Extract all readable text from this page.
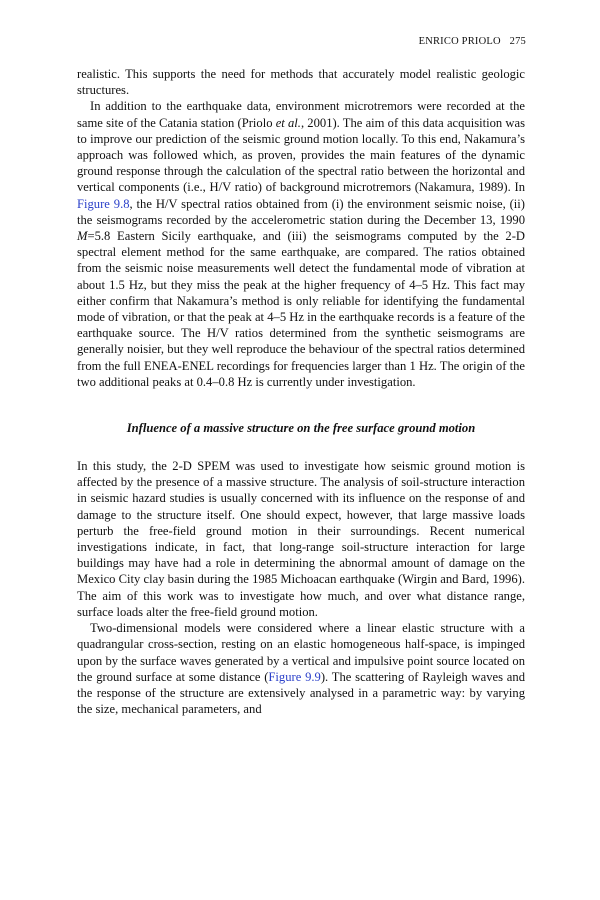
ENRICO PRIOLO 275

realistic. This supports the need for methods that accurately model realistic geologic structures.

In addition to the earthquake data, environment microtremors were recorded at the same site of the Catania station (Priolo et al., 2001). The aim of this data acquisition was to improve our prediction of the seismic ground motion locally. To this end, Nakamura’s approach was followed which, as proven, provides the main features of the dynamic ground response through the calculation of the spectral ratio between the horizontal and vertical components (i.e., H/V ratio) of background microtremors (Nakamura, 1989). In Figure 9.8, the H/V spectral ratios obtained from (i) the environment seismic noise, (ii) the seismograms recorded by the accelerometric station during the December 13, 1990 M=5.8 Eastern Sicily earthquake, and (iii) the seismograms computed by the 2-D spectral element method for the same earthquake, are compared. The ratios obtained from the seismic noise measurements well detect the fundamental mode of vibration at about 1.5 Hz, but they miss the peak at the higher frequency of 4–5 Hz. This fact may either confirm that Nakamura’s method is only reliable for identifying the fundamental mode of vibration, or that the peak at 4–5 Hz in the earthquake records is a feature of the earthquake source. The H/V ratios determined from the synthetic seismograms are generally noisier, but they well reproduce the behaviour of the spectral ratios determined from the full ENEA-ENEL recordings for frequencies larger than 1 Hz. The origin of the two additional peaks at 0.4–0.8 Hz is currently under investigation.

Influence of a massive structure on the free surface ground motion

In this study, the 2-D SPEM was used to investigate how seismic ground motion is affected by the presence of a massive structure. The analysis of soil-structure interaction in seismic hazard studies is usually concerned with its influence on the response of and damage to the structure itself. One should expect, however, that large massive loads perturb the free-field ground motion in their surroundings. Recent numerical investigations indicate, in fact, that long-range soil-structure interaction for large buildings may have had a role in determining the abnormal amount of damage on the Mexico City clay basin during the 1985 Michoacan earthquake (Wirgin and Bard, 1996). The aim of this work was to investigate how much, and over what distance range, surface loads alter the free-field ground motion.

Two-dimensional models were considered where a linear elastic structure with a quadrangular cross-section, resting on an elastic homogeneous half-space, is impinged upon by the surface waves generated by a vertical and impulsive point source located on the ground surface at some distance (Figure 9.9). The scattering of Rayleigh waves and the response of the structure are extensively analysed in a parametric way: by varying the size, mechanical parameters, and
